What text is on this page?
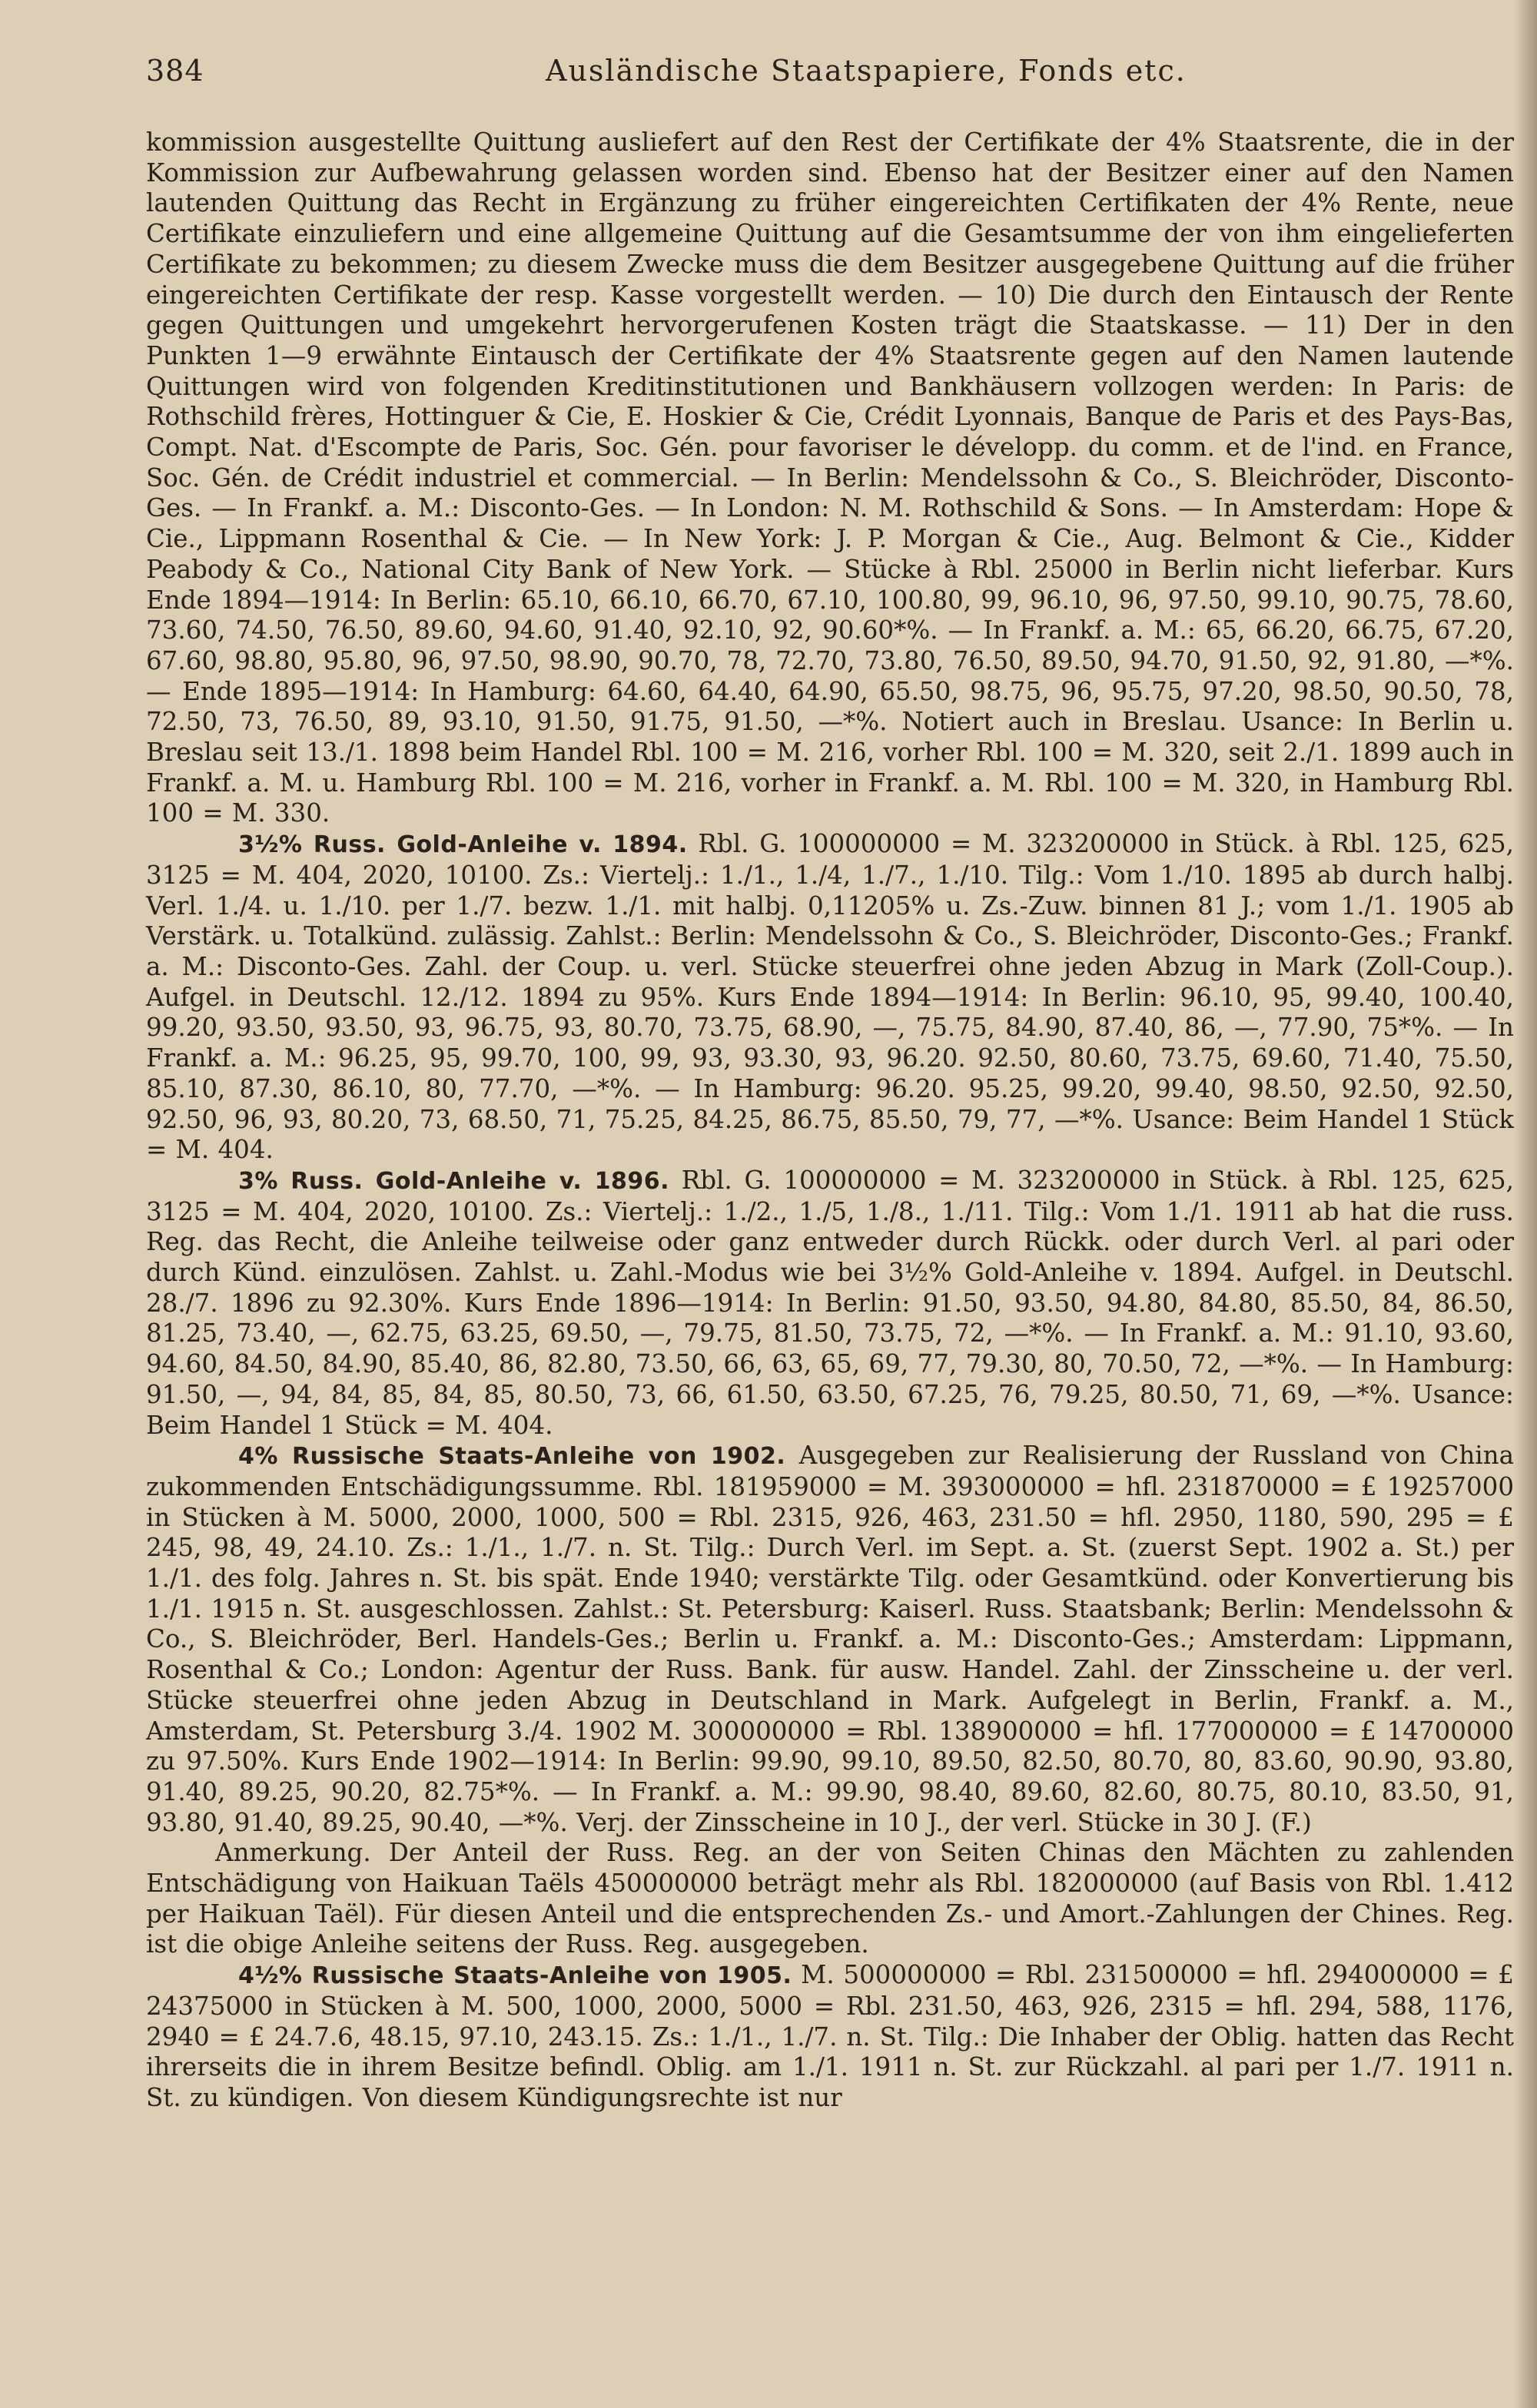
384	Ausländische Staatspapiere, Fonds etc.

kommission ausgestellte Quittung ausliefert auf den Rest der Certifikate der 4% Staatsrente, die in der Kommission zur Aufbewahrung gelassen worden sind. Ebenso hat der Besitzer einer auf den Namen lautenden Quittung das Recht in Ergänzung zu früher eingereichten Certifikaten der 4% Rente, neue Certifikate einzuliefern und eine allgemeine Quittung auf die Gesamtsumme der von ihm eingelieferten Certifikate zu bekommen; zu diesem Zwecke muss die dem Besitzer ausgegebene Quittung auf die früher eingereichten Certifikate der resp. Kasse vorgestellt werden. — 10) Die durch den Eintausch der Rente gegen Quittungen und umgekehrt hervorgerufenen Kosten trägt die Staatskasse. — 11) Der in den Punkten 1—9 erwähnte Eintausch der Certifikate der 4% Staatsrente gegen auf den Namen lautende Quittungen wird von folgenden Kreditinstitutionen und Bankhäusern vollzogen werden: In Paris: de Rothschild frères, Hottinguer & Cie, E. Hoskier & Cie, Crédit Lyonnais, Banque de Paris et des Pays-Bas, Compt. Nat. d'Escompte de Paris, Soc. Gén. pour favoriser le développ. du comm. et de l'ind. en France, Soc. Gén. de Crédit industriel et commercial. — In Berlin: Mendelssohn & Co., S. Bleichröder, Disconto-Ges. — In Frankf. a. M.: Disconto-Ges. — In London: N. M. Rothschild & Sons. — In Amsterdam: Hope & Cie., Lippmann Rosenthal & Cie. — In New York: J. P. Morgan & Cie., Aug. Belmont & Cie., Kidder Peabody & Co., National City Bank of New York. — Stücke à Rbl. 25000 in Berlin nicht lieferbar. Kurs Ende 1894—1914: In Berlin: 65.10, 66.10, 66.70, 67.10, 100.80, 99, 96.10, 96, 97.50, 99.10, 90.75, 78.60, 73.60, 74.50, 76.50, 89.60, 94.60, 91.40, 92.10, 92, 90.60*%. — In Frankf. a. M.: 65, 66.20, 66.75, 67.20, 67.60, 98.80, 95.80, 96, 97.50, 98.90, 90.70, 78, 72.70, 73.80, 76.50, 89.50, 94.70, 91.50, 92, 91.80, —*%. — Ende 1895—1914: In Hamburg: 64.60, 64.40, 64.90, 65.50, 98.75, 96, 95.75, 97.20, 98.50, 90.50, 78, 72.50, 73, 76.50, 89, 93.10, 91.50, 91.75, 91.50, —*%. Notiert auch in Breslau. Usance: In Berlin u. Breslau seit 13./1. 1898 beim Handel Rbl. 100 = M. 216, vorher Rbl. 100 = M. 320, seit 2./1. 1899 auch in Frankf. a. M. u. Hamburg Rbl. 100 = M. 216, vorher in Frankf. a. M. Rbl. 100 = M. 320, in Hamburg Rbl. 100 = M. 330.

3½% Russ. Gold-Anleihe v. 1894. Rbl. G. 100000000 = M. 323200000 in Stück. à Rbl. 125, 625, 3125 = M. 404, 2020, 10100. Zs.: Viertelj.: 1./1., 1./4, 1./7., 1./10. Tilg.: Vom 1./10. 1895 ab durch halbj. Verl. 1./4. u. 1./10. per 1./7. bezw. 1./1. mit halbj. 0,11205% u. Zs.-Zuw. binnen 81 J.; vom 1./1. 1905 ab Verstärk. u. Totalkünd. zulässig. Zahlst.: Berlin: Mendelssohn & Co., S. Bleichröder, Disconto-Ges.; Frankf. a. M.: Disconto-Ges. Zahl. der Coup. u. verl. Stücke steuerfrei ohne jeden Abzug in Mark (Zoll-Coup.). Aufgel. in Deutschl. 12./12. 1894 zu 95%. Kurs Ende 1894—1914: In Berlin: 96.10, 95, 99.40, 100.40, 99.20, 93.50, 93.50, 93, 96.75, 93, 80.70, 73.75, 68.90, —, 75.75, 84.90, 87.40, 86, —, 77.90, 75*%. — In Frankf. a. M.: 96.25, 95, 99.70, 100, 99, 93, 93.30, 93, 96.20. 92.50, 80.60, 73.75, 69.60, 71.40, 75.50, 85.10, 87.30, 86.10, 80, 77.70, —*%. — In Hamburg: 96.20. 95.25, 99.20, 99.40, 98.50, 92.50, 92.50, 92.50, 96, 93, 80.20, 73, 68.50, 71, 75.25, 84.25, 86.75, 85.50, 79, 77, —*%. Usance: Beim Handel 1 Stück = M. 404.

3% Russ. Gold-Anleihe v. 1896. Rbl. G. 100000000 = M. 323200000 in Stück. à Rbl. 125, 625, 3125 = M. 404, 2020, 10100. Zs.: Viertelj.: 1./2., 1./5, 1./8., 1./11. Tilg.: Vom 1./1. 1911 ab hat die russ. Reg. das Recht, die Anleihe teilweise oder ganz entweder durch Rückk. oder durch Verl. al pari oder durch Künd. einzulösen. Zahlst. u. Zahl.-Modus wie bei 3½% Gold-Anleihe v. 1894. Aufgel. in Deutschl. 28./7. 1896 zu 92.30%. Kurs Ende 1896—1914: In Berlin: 91.50, 93.50, 94.80, 84.80, 85.50, 84, 86.50, 81.25, 73.40, —, 62.75, 63.25, 69.50, —, 79.75, 81.50, 73.75, 72, —*%. — In Frankf. a. M.: 91.10, 93.60, 94.60, 84.50, 84.90, 85.40, 86, 82.80, 73.50, 66, 63, 65, 69, 77, 79.30, 80, 70.50, 72, —*%. — In Hamburg: 91.50, —, 94, 84, 85, 84, 85, 80.50, 73, 66, 61.50, 63.50, 67.25, 76, 79.25, 80.50, 71, 69, —*%. Usance: Beim Handel 1 Stück = M. 404.

4% Russische Staats-Anleihe von 1902. Ausgegeben zur Realisierung der Russland von China zukommenden Entschädigungssumme. Rbl. 181959000 = M. 393000000 = hfl. 231870000 = £ 19257000 in Stücken à M. 5000, 2000, 1000, 500 = Rbl. 2315, 926, 463, 231.50 = hfl. 2950, 1180, 590, 295 = £ 245, 98, 49, 24.10. Zs.: 1./1., 1./7. n. St. Tilg.: Durch Verl. im Sept. a. St. (zuerst Sept. 1902 a. St.) per 1./1. des folg. Jahres n. St. bis spät. Ende 1940; verstärkte Tilg. oder Gesamtkünd. oder Konvertierung bis 1./1. 1915 n. St. ausgeschlossen. Zahlst.: St. Petersburg: Kaiserl. Russ. Staatsbank; Berlin: Mendelssohn & Co., S. Bleichröder, Berl. Handels-Ges.; Berlin u. Frankf. a. M.: Disconto-Ges.; Amsterdam: Lippmann, Rosenthal & Co.; London: Agentur der Russ. Bank. für ausw. Handel. Zahl. der Zinsscheine u. der verl. Stücke steuerfrei ohne jeden Abzug in Deutschland in Mark. Aufgelegt in Berlin, Frankf. a. M., Amsterdam, St. Petersburg 3./4. 1902 M. 300000000 = Rbl. 138900000 = hfl. 177000000 = £ 14700000 zu 97.50%. Kurs Ende 1902—1914: In Berlin: 99.90, 99.10, 89.50, 82.50, 80.70, 80, 83.60, 90.90, 93.80, 91.40, 89.25, 90.20, 82.75*%. — In Frankf. a. M.: 99.90, 98.40, 89.60, 82.60, 80.75, 80.10, 83.50, 91, 93.80, 91.40, 89.25, 90.40, —*%. Verj. der Zinsscheine in 10 J., der verl. Stücke in 30 J. (F.)

Anmerkung. Der Anteil der Russ. Reg. an der von Seiten Chinas den Mächten zu zahlenden Entschädigung von Haikuan Taëls 450000000 beträgt mehr als Rbl. 182000000 (auf Basis von Rbl. 1.412 per Haikuan Taël). Für diesen Anteil und die entsprechenden Zs.- und Amort.-Zahlungen der Chines. Reg. ist die obige Anleihe seitens der Russ. Reg. ausgegeben.

4½% Russische Staats-Anleihe von 1905. M. 500000000 = Rbl. 231500000 = hfl. 294000000 = £ 24375000 in Stücken à M. 500, 1000, 2000, 5000 = Rbl. 231.50, 463, 926, 2315 = hfl. 294, 588, 1176, 2940 = £ 24.7.6, 48.15, 97.10, 243.15. Zs.: 1./1., 1./7. n. St. Tilg.: Die Inhaber der Oblig. hatten das Recht ihrerseits die in ihrem Besitze befindl. Oblig. am 1./1. 1911 n. St. zur Rückzahl. al pari per 1./7. 1911 n. St. zu kündigen. Von diesem Kündigungsrechte ist nur
